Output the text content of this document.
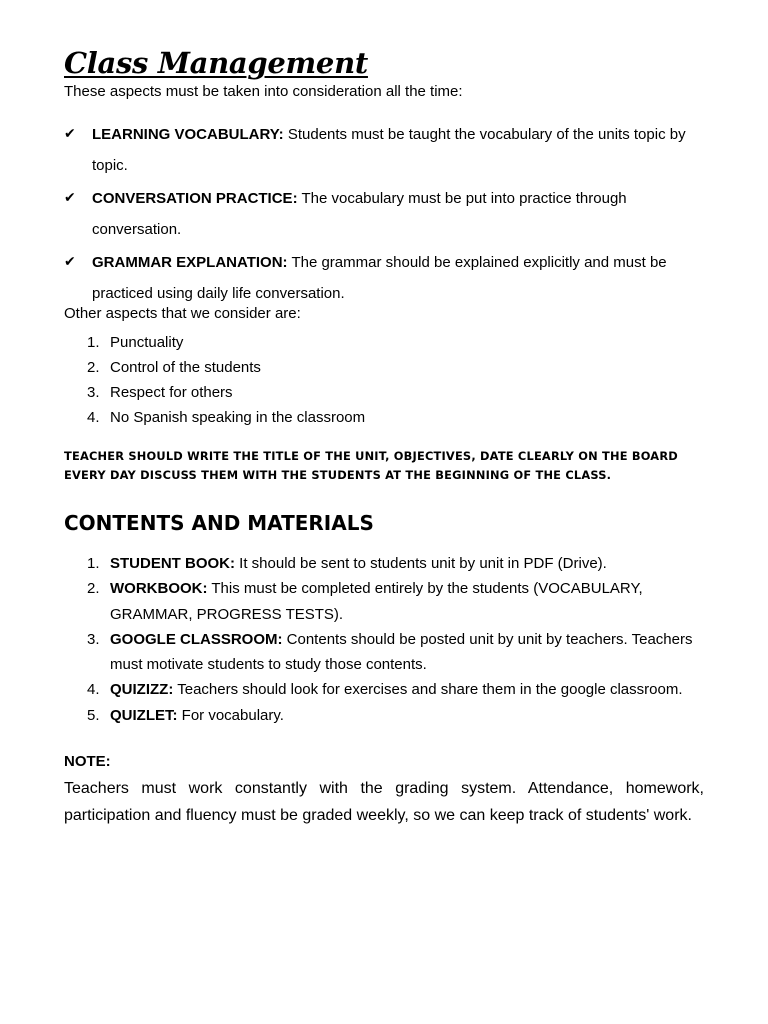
Class Management
These aspects must be taken into consideration all the time:
✔ LEARNING VOCABULARY: Students must be taught the vocabulary of the units topic by topic.
✔ CONVERSATION PRACTICE: The vocabulary must be put into practice through conversation.
✔ GRAMMAR EXPLANATION: The grammar should be explained explicitly and must be practiced using daily life conversation.
Other aspects that we consider are:
1. Punctuality
2. Control of the students
3. Respect for others
4. No Spanish speaking in the classroom
TEACHER SHOULD WRITE THE TITLE OF THE UNIT, OBJECTIVES, DATE CLEARLY ON THE BOARD EVERY DAY DISCUSS THEM WITH THE STUDENTS AT THE BEGINNING OF THE CLASS.
CONTENTS AND MATERIALS
1. STUDENT BOOK: It should be sent to students unit by unit in PDF (Drive).
2. WORKBOOK: This must be completed entirely by the students (VOCABULARY, GRAMMAR, PROGRESS TESTS).
3. GOOGLE CLASSROOM: Contents should be posted unit by unit by teachers. Teachers must motivate students to study those contents.
4. QUIZIZZ: Teachers should look for exercises and share them in the google classroom.
5. QUIZLET: For vocabulary.
NOTE:
Teachers must work constantly with the grading system. Attendance, homework, participation and fluency must be graded weekly, so we can keep track of students' work.
